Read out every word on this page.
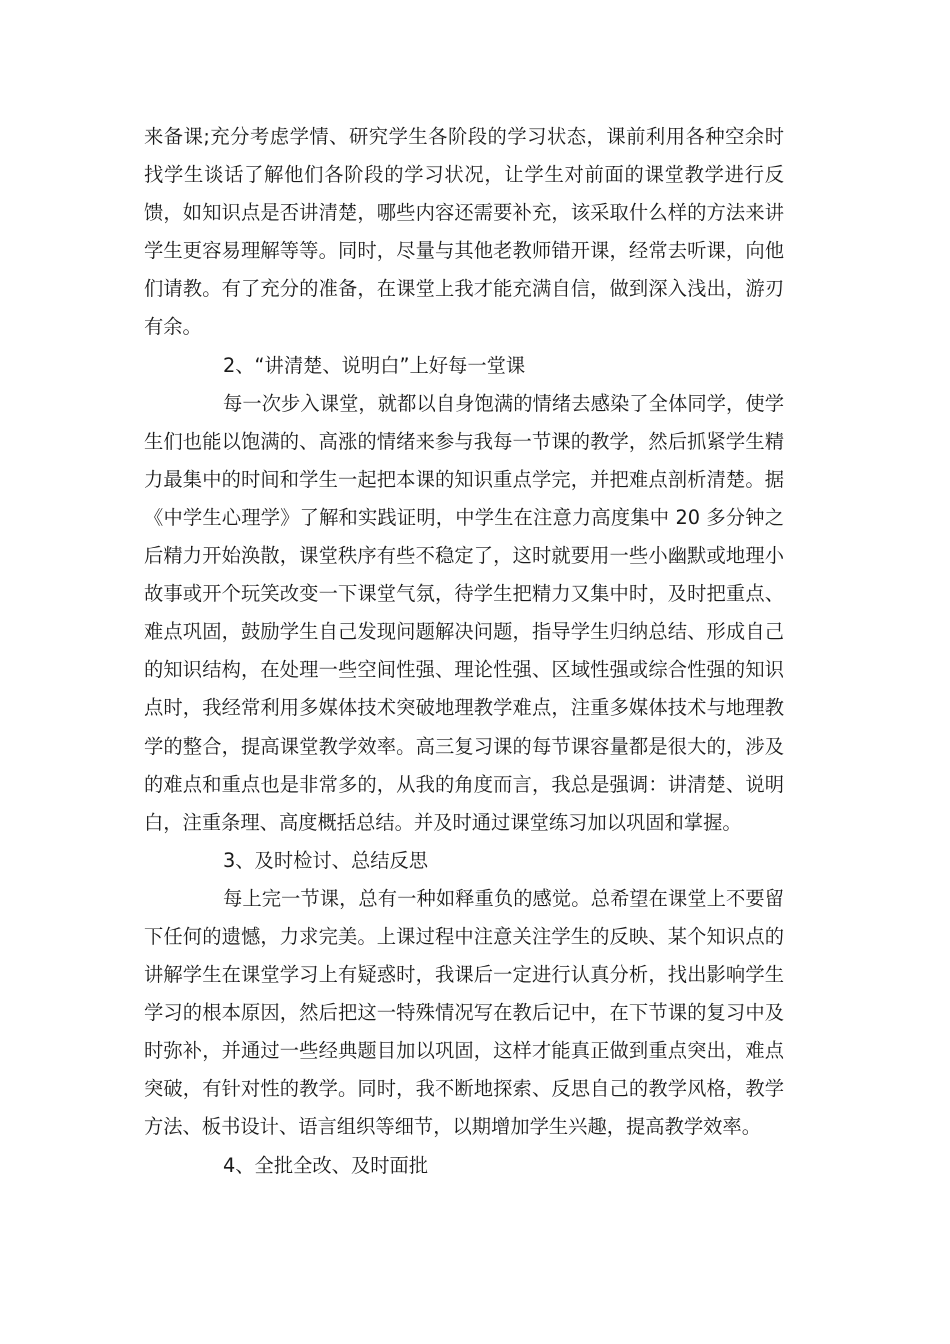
来备课;充分考虑学情、研究学生各阶段的学习状态，课前利用各种空余时
找学生谈话了解他们各阶段的学习状况，让学生对前面的课堂教学进行反
馈，如知识点是否讲清楚，哪些内容还需要补充，该采取什么样的方法来讲
学生更容易理解等等。同时，尽量与其他老教师错开课，经常去听课，向他
们请教。有了充分的准备，在课堂上我才能充满自信，做到深入浅出，游刃
有余。
2、“讲清楚、说明白”上好每一堂课
每一次步入课堂，就都以自身饱满的情绪去感染了全体同学，使学
生们也能以饱满的、高涨的情绪来参与我每一节课的教学，然后抓紧学生精
力最集中的时间和学生一起把本课的知识重点学完，并把难点剖析清楚。据
《中学生心理学》了解和实践证明，中学生在注意力高度集中 20 多分钟之
后精力开始涣散，课堂秩序有些不稳定了，这时就要用一些小幽默或地理小
故事或开个玩笑改变一下课堂气氛，待学生把精力又集中时，及时把重点、
难点巩固，鼓励学生自己发现问题解决问题，指导学生归纳总结、形成自己
的知识结构，在处理一些空间性强、理论性强、区域性强或综合性强的知识
点时，我经常利用多媒体技术突破地理教学难点，注重多媒体技术与地理教
学的整合，提高课堂教学效率。高三复习课的每节课容量都是很大的，涉及
的难点和重点也是非常多的，从我的角度而言，我总是强调：讲清楚、说明
白，注重条理、高度概括总结。并及时通过课堂练习加以巩固和掌握。
3、及时检讨、总结反思
每上完一节课，总有一种如释重负的感觉。总希望在课堂上不要留
下任何的遗憾，力求完美。上课过程中注意关注学生的反映、某个知识点的
讲解学生在课堂学习上有疑惑时，我课后一定进行认真分析，找出影响学生
学习的根本原因，然后把这一特殊情况写在教后记中，在下节课的复习中及
时弥补，并通过一些经典题目加以巩固，这样才能真正做到重点突出，难点
突破，有针对性的教学。同时，我不断地探索、反思自己的教学风格，教学
方法、板书设计、语言组织等细节，以期增加学生兴趣，提高教学效率。
4、全批全改、及时面批
